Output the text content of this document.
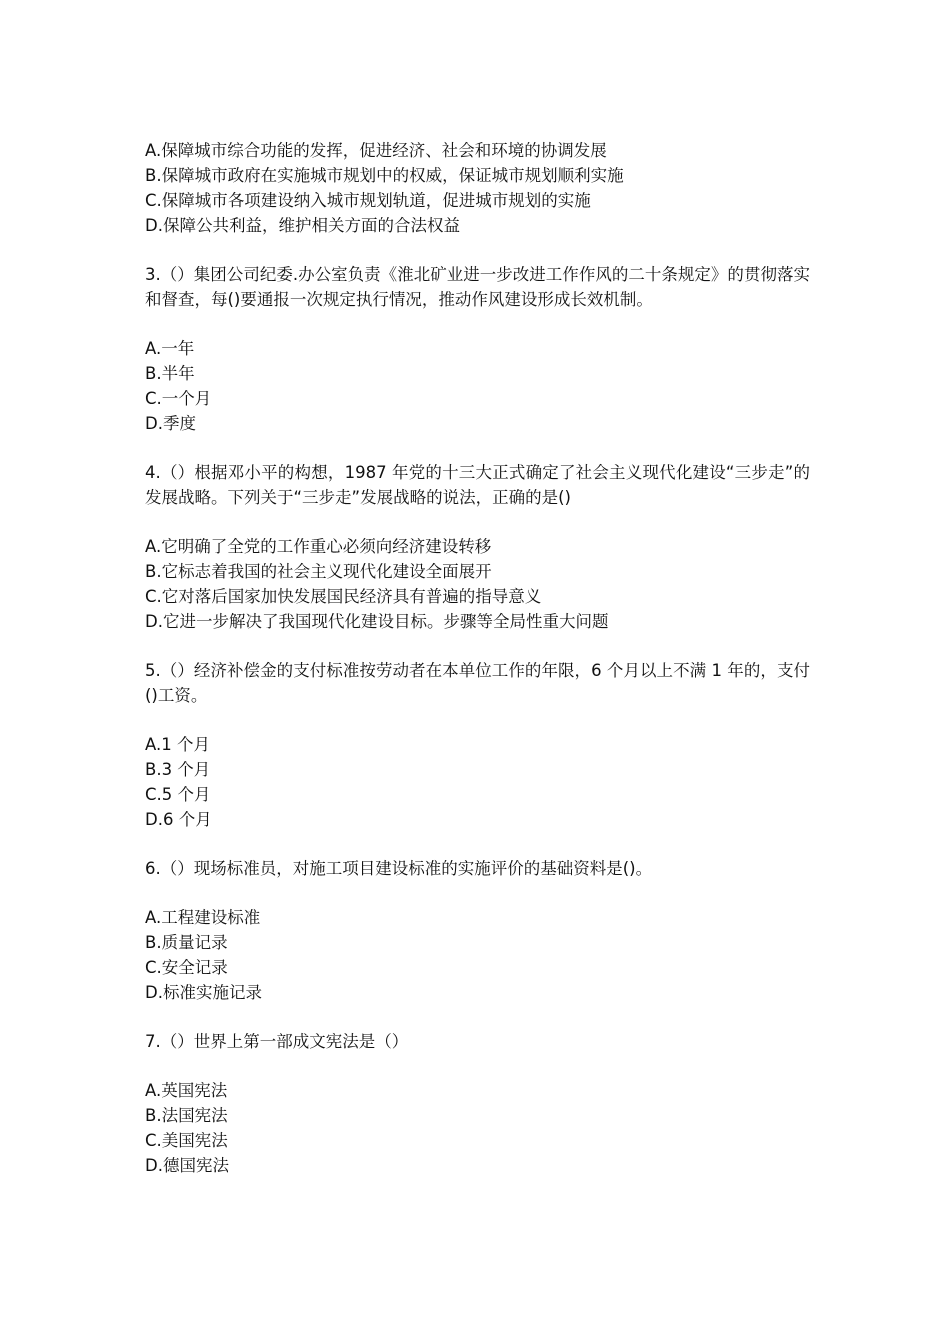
A.保障城市综合功能的发挥，促进经济、社会和环境的协调发展
B.保障城市政府在实施城市规划中的权威，保证城市规划顺利实施
C.保障城市各项建设纳入城市规划轨道，促进城市规划的实施
D.保障公共利益，维护相关方面的合法权益
3.（）集团公司纪委.办公室负责《淮北矿业进一步改进工作作风的二十条规定》的贯彻落实和督查，每()要通报一次规定执行情况，推动作风建设形成长效机制。
A.一年
B.半年
C.一个月
D.季度
4.（）根据邓小平的构想，1987 年党的十三大正式确定了社会主义现代化建设“三步走”的发展战略。下列关于“三步走”发展战略的说法，正确的是()
A.它明确了全党的工作重心必须向经济建设转移
B.它标志着我国的社会主义现代化建设全面展开
C.它对落后国家加快发展国民经济具有普遍的指导意义
D.它进一步解决了我国现代化建设目标。步骤等全局性重大问题
5.（）经济补偿金的支付标准按劳动者在本单位工作的年限，6 个月以上不满 1 年的，支付()工资。
A.1 个月
B.3 个月
C.5 个月
D.6 个月
6.（）现场标准员，对施工项目建设标准的实施评价的基础资料是()。
A.工程建设标准
B.质量记录
C.安全记录
D.标准实施记录
7.（）世界上第一部成文宪法是（）
A.英国宪法
B.法国宪法
C.美国宪法
D.德国宪法
